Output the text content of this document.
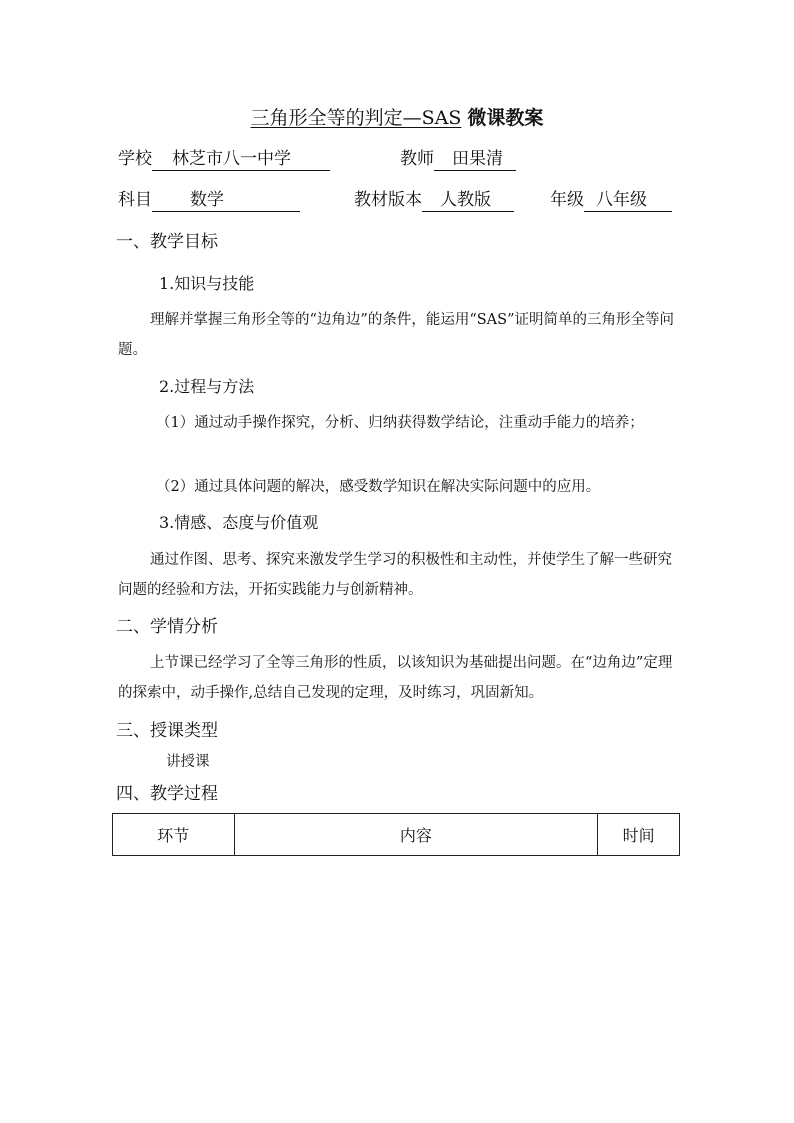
三角形全等的判定—SAS 微课教案
学校 林芝市八一中学	教师 田果清
科目 数学	教材版本 人教版	年级 八年级
一、教学目标
1.知识与技能
理解并掌握三角形全等的“边角边”的条件，能运用“SAS”证明简单的三角形全等问题。
2.过程与方法
（1）通过动手操作探究，分析、归纳获得数学结论，注重动手能力的培养；
（2）通过具体问题的解决，感受数学知识在解决实际问题中的应用。
3.情感、态度与价值观
通过作图、思考、探究来激发学生学习的积极性和主动性，并使学生了解一些研究问题的经验和方法，开拓实践能力与创新精神。
二、学情分析
上节课已经学习了全等三角形的性质，以该知识为基础提出问题。在“边角边”定理的探索中，动手操作,总结自己发现的定理，及时练习，巩固新知。
三、授课类型
讲授课
四、教学过程
环节	内容	时间
